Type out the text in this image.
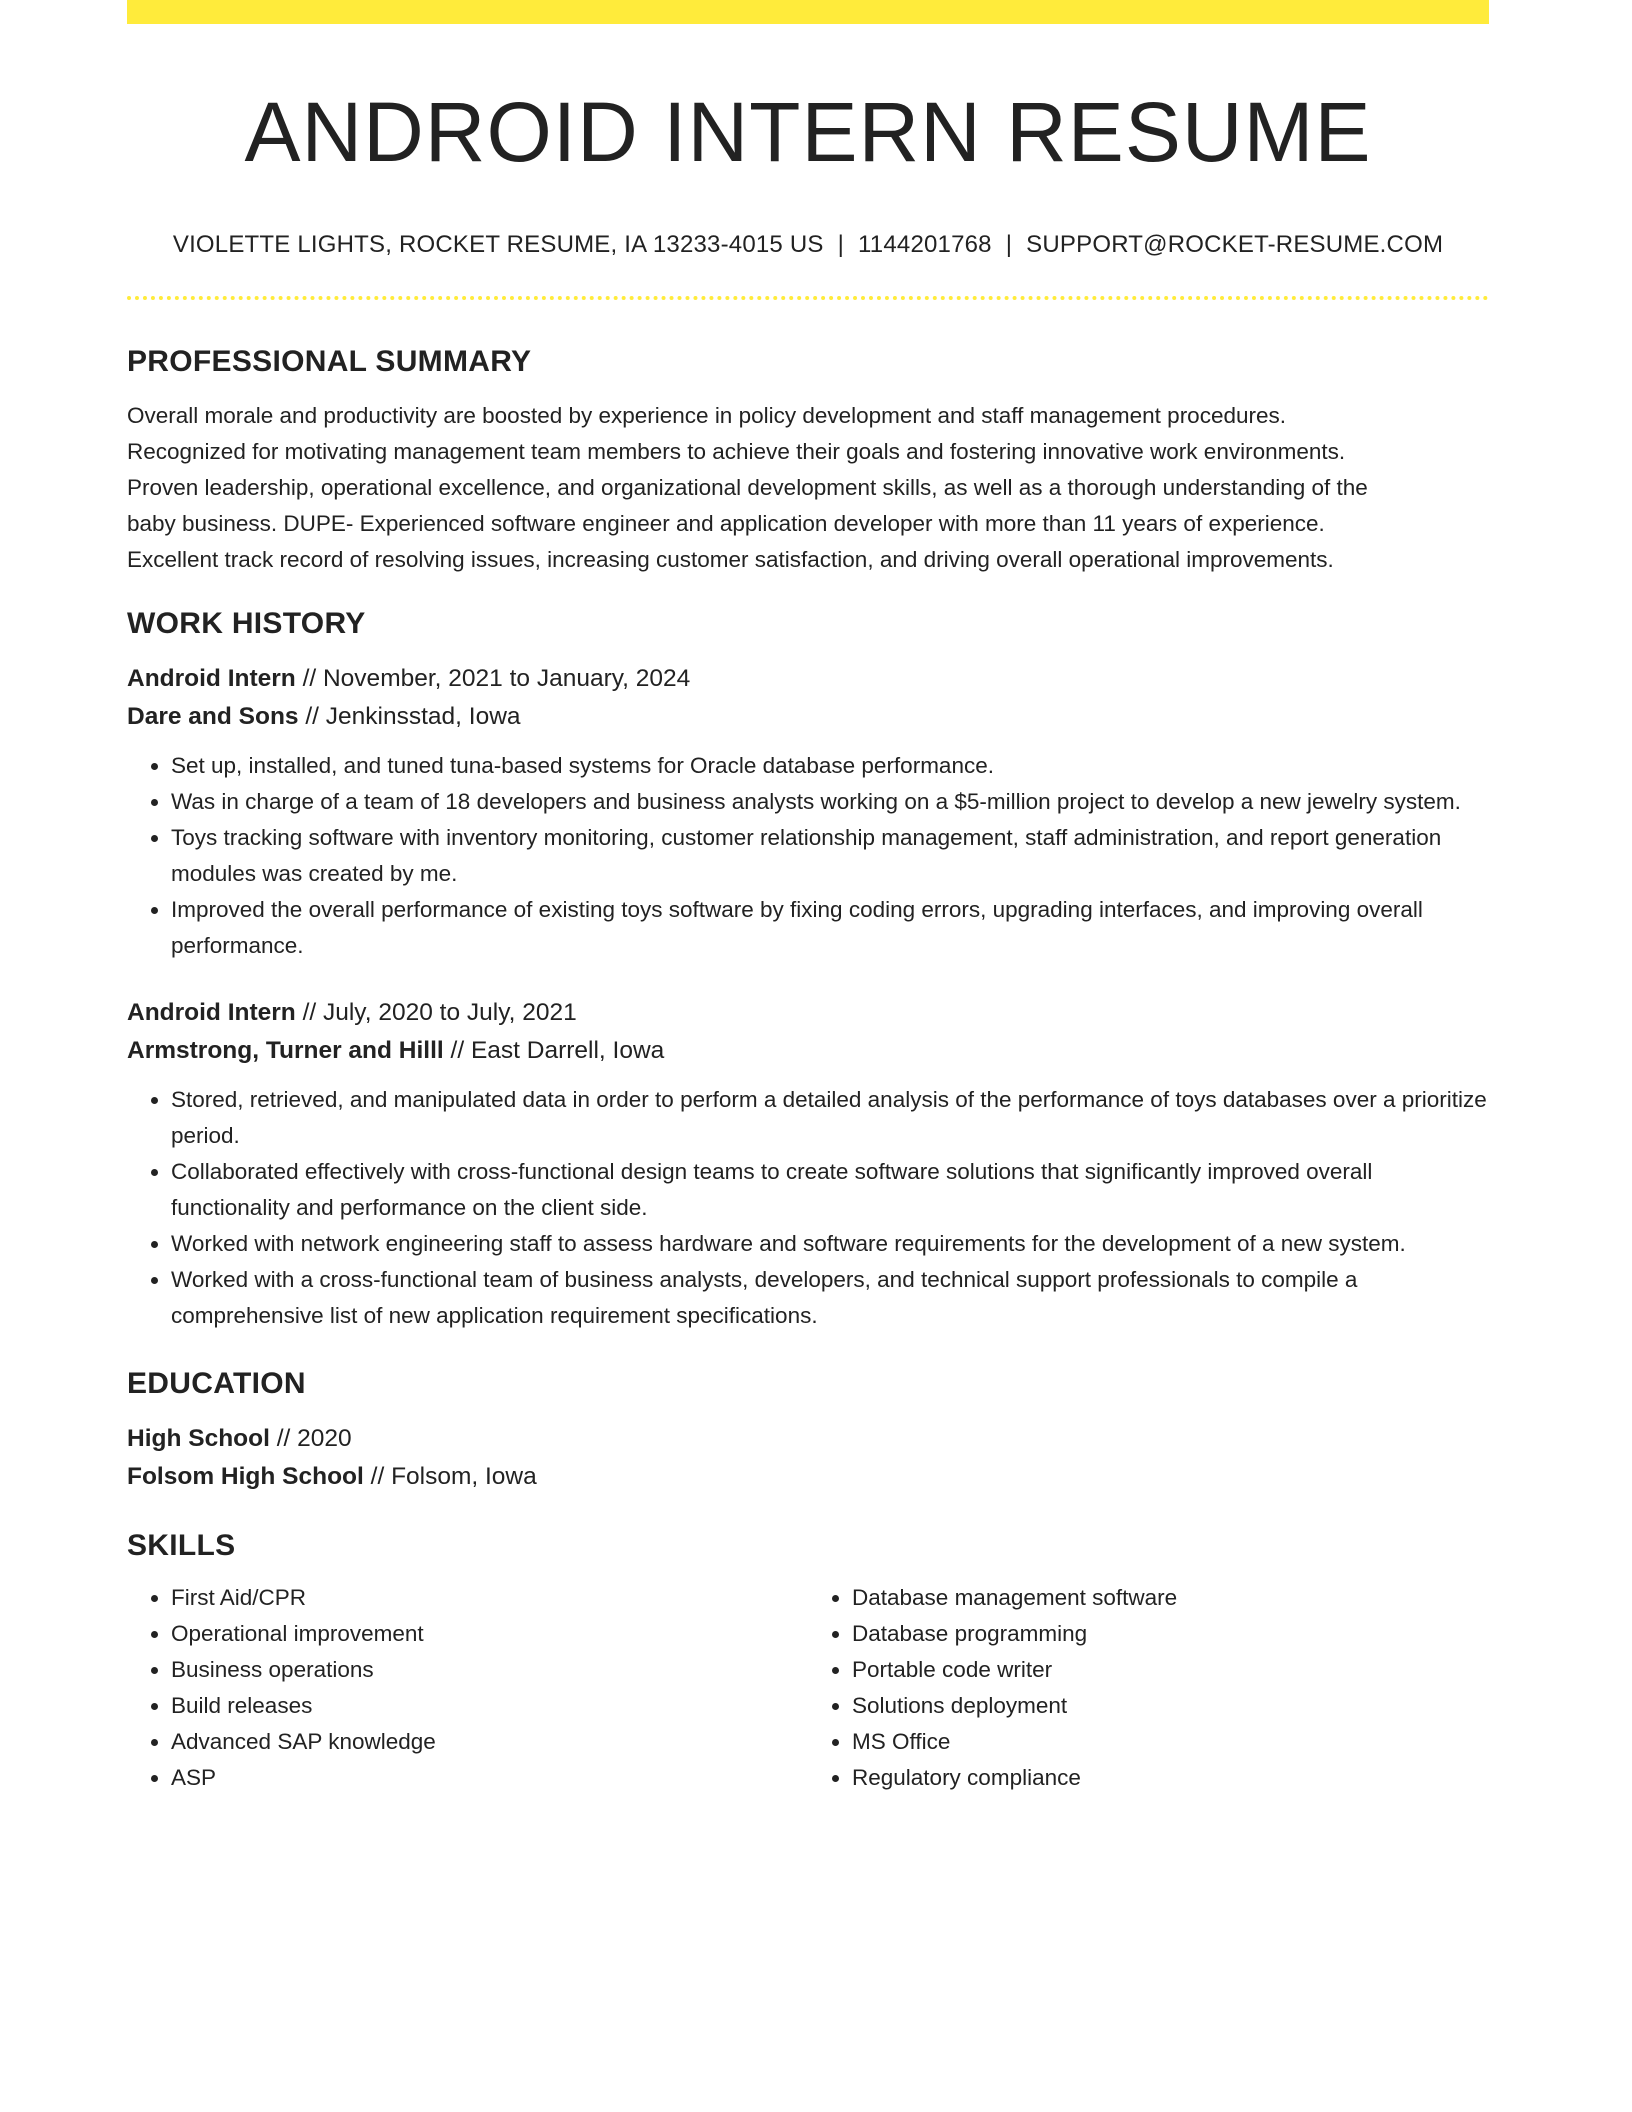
ANDROID INTERN RESUME
VIOLETTE LIGHTS, ROCKET RESUME, IA 13233-4015 US | 1144201768 | SUPPORT@ROCKET-RESUME.COM
PROFESSIONAL SUMMARY
Overall morale and productivity are boosted by experience in policy development and staff management procedures.
Recognized for motivating management team members to achieve their goals and fostering innovative work environments.
Proven leadership, operational excellence, and organizational development skills, as well as a thorough understanding of the
baby business. DUPE- Experienced software engineer and application developer with more than 11 years of experience.
Excellent track record of resolving issues, increasing customer satisfaction, and driving overall operational improvements.
WORK HISTORY
Android Intern // November, 2021 to January, 2024
Dare and Sons // Jenkinsstad, Iowa
• Set up, installed, and tuned tuna-based systems for Oracle database performance.
• Was in charge of a team of 18 developers and business analysts working on a $5-million project to develop a new jewelry system.
• Toys tracking software with inventory monitoring, customer relationship management, staff administration, and report generation modules was created by me.
• Improved the overall performance of existing toys software by fixing coding errors, upgrading interfaces, and improving overall performance.
Android Intern // July, 2020 to July, 2021
Armstrong, Turner and Hilll // East Darrell, Iowa
• Stored, retrieved, and manipulated data in order to perform a detailed analysis of the performance of toys databases over a prioritize period.
• Collaborated effectively with cross-functional design teams to create software solutions that significantly improved overall functionality and performance on the client side.
• Worked with network engineering staff to assess hardware and software requirements for the development of a new system.
• Worked with a cross-functional team of business analysts, developers, and technical support professionals to compile a comprehensive list of new application requirement specifications.
EDUCATION
High School // 2020
Folsom High School // Folsom, Iowa
SKILLS
• First Aid/CPR
• Operational improvement
• Business operations
• Build releases
• Advanced SAP knowledge
• ASP
• Database management software
• Database programming
• Portable code writer
• Solutions deployment
• MS Office
• Regulatory compliance
